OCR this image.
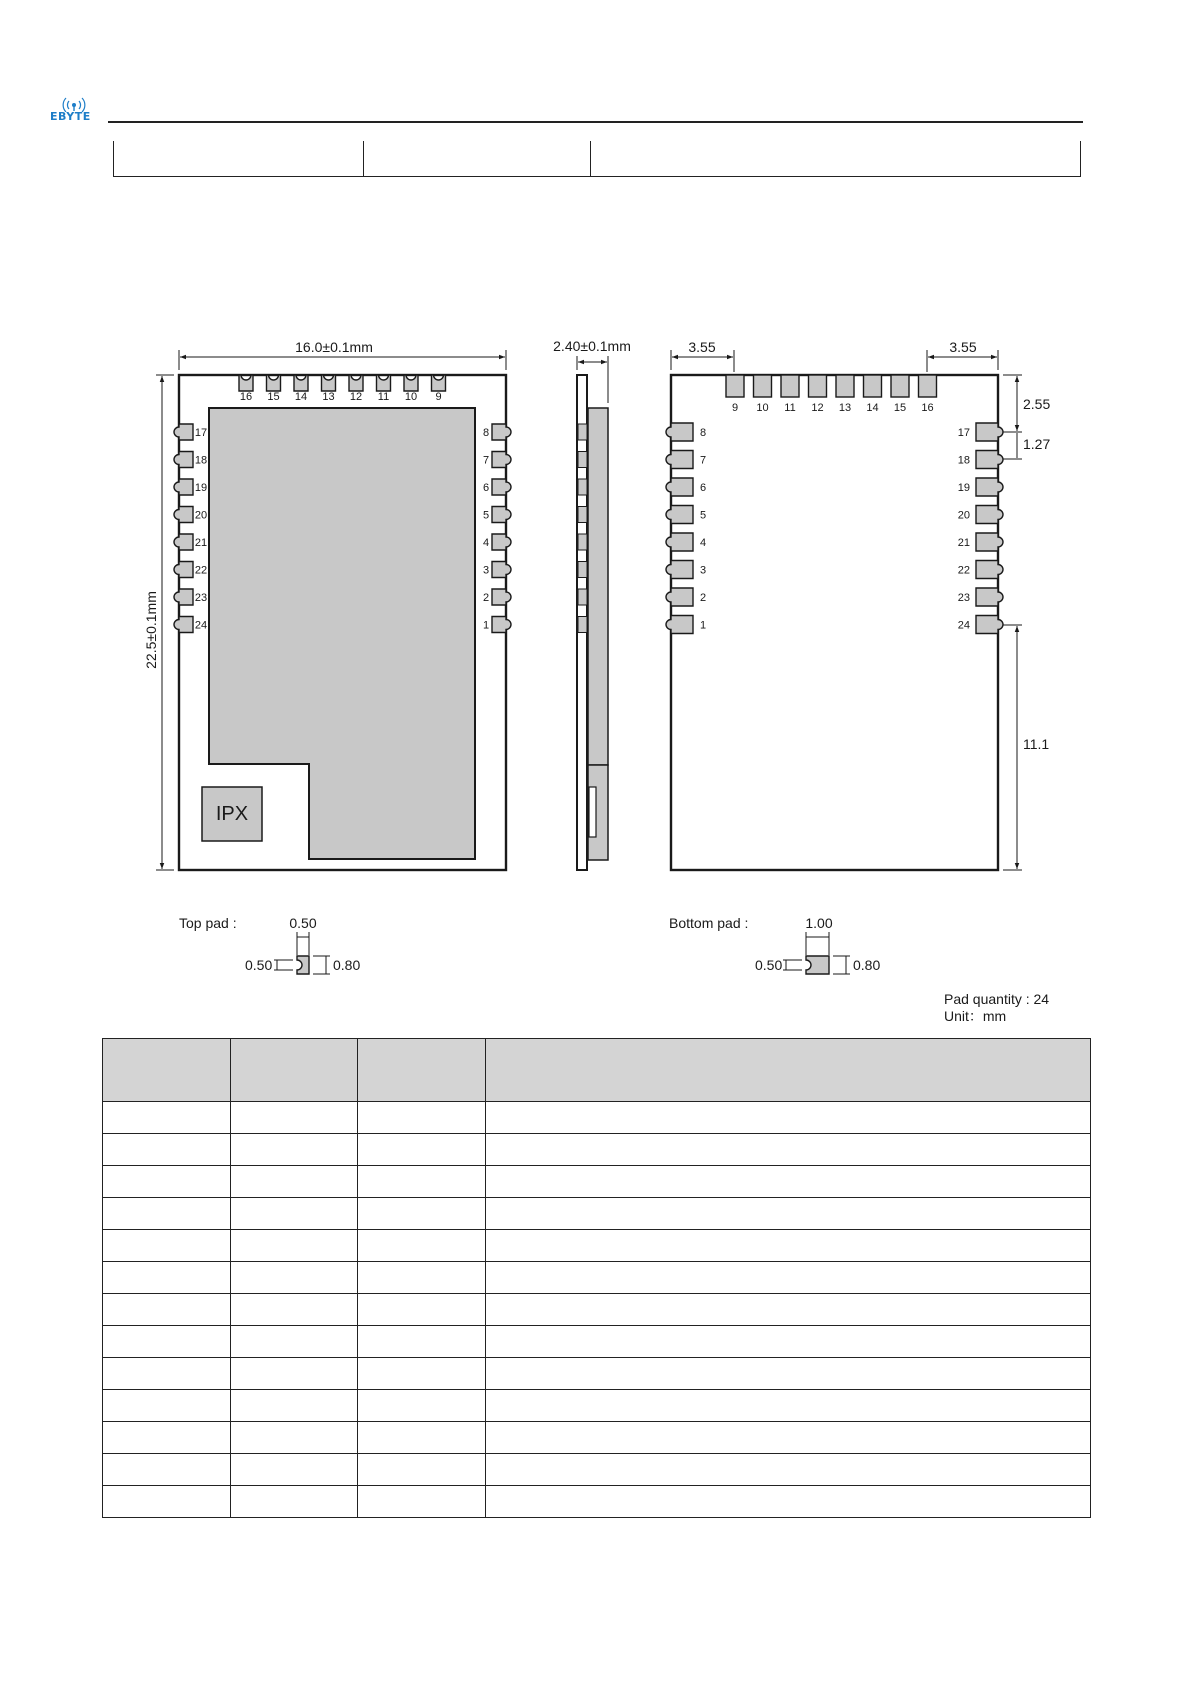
EBYTE

IPX
16 15 14 13 12 11 10 9
17
18
19
20
21
22
23
24
8
7
6
5
4
3
2
1
16.0±0.1mm
22.5±0.1mm
2.40±0.1mm
9 10 11 12 13 14 15 16
8
7
6
5
4
3
2
1
17
18
19
20
21
22
23
24
3.55	3.55
2.55
1.27
11.1
Top pad :	0.50
0.50	0.80
Bottom pad :	1.00
0.50	0.80
Pad quantity : 24
Unit：mm
